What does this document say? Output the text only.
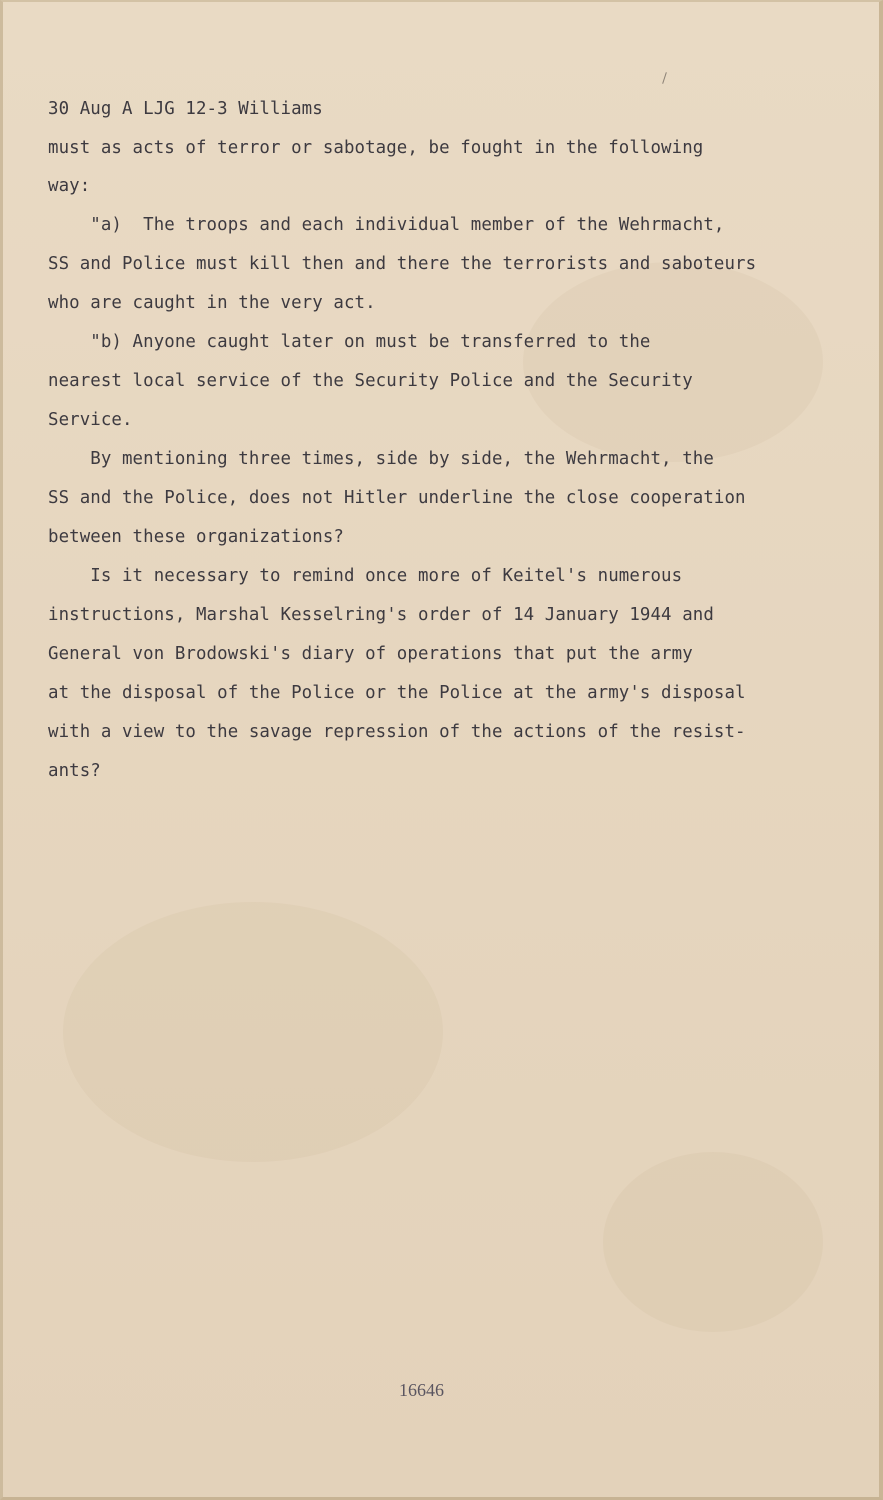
30 Aug A LJG 12-3 Williams
must as acts of terror or sabotage, be fought in the following
way:
"a)  The troops and each individual member of the Wehrmacht,
SS and Police must kill then and there the terrorists and saboteurs
who are caught in the very act.
"b) Anyone caught later on must be transferred to the
nearest local service of the Security Police and the Security
Service.
By mentioning three times, side by side, the Wehrmacht, the
SS and the Police, does not Hitler underline the close cooperation
between these organizations?
Is it necessary to remind once more of Keitel's numerous
instructions, Marshal Kesselring's order of 14 January 1944 and
General von Brodowski's diary of operations that put the army
at the disposal of the Police or the Police at the army's disposal
with a view to the savage repression of the actions of the resist-
ants?
16646
